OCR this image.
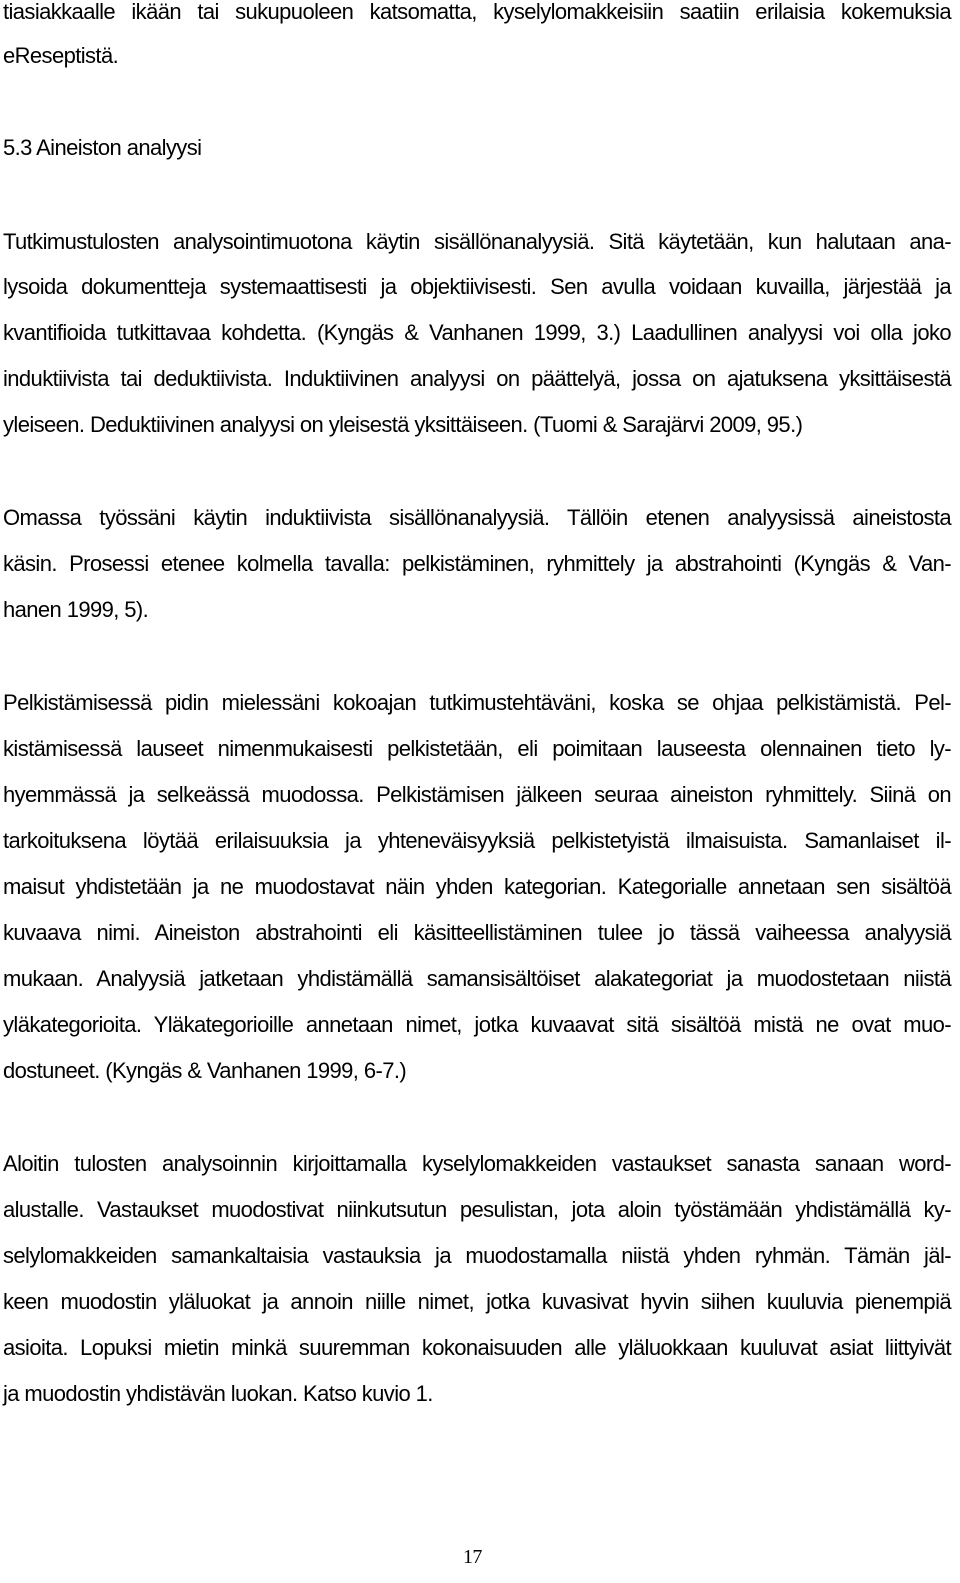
tiasiakkaalle ikään tai sukupuoleen katsomatta, kyselylomakkeisiin saatiin erilaisia kokemuksia
eReseptistä.
5.3 Aineiston analyysi
Tutkimustulosten analysointimuotona käytin sisällönanalyysiä. Sitä käytetään, kun halutaan ana-
lysoida dokumentteja systemaattisesti ja objektiivisesti. Sen avulla voidaan kuvailla, järjestää ja
kvantifioida tutkittavaa kohdetta. (Kyngäs & Vanhanen 1999, 3.) Laadullinen analyysi voi olla joko
induktiivista tai deduktiivista. Induktiivinen analyysi on päättelyä, jossa on ajatuksena yksittäisestä
yleiseen. Deduktiivinen analyysi on yleisestä yksittäiseen. (Tuomi & Sarajärvi 2009, 95.)
Omassa työssäni käytin induktiivista sisällönanalyysiä. Tällöin etenen analyysissä aineistosta
käsin. Prosessi etenee kolmella tavalla: pelkistäminen, ryhmittely ja abstrahointi (Kyngäs & Van-
hanen 1999, 5).
Pelkistämisessä pidin mielessäni kokoajan tutkimustehtäväni, koska se ohjaa pelkistämistä. Pel-
kistämisessä lauseet nimenmukaisesti pelkistetään, eli poimitaan lauseesta olennainen tieto ly-
hyemmässä ja selkeässä muodossa. Pelkistämisen jälkeen seuraa aineiston ryhmittely. Siinä on
tarkoituksena löytää erilaisuuksia ja yhteneväisyyksiä pelkistetyistä ilmaisuista. Samanlaiset il-
maisut yhdistetään ja ne muodostavat näin yhden kategorian. Kategorialle annetaan sen sisältöä
kuvaava nimi. Aineiston abstrahointi eli käsitteellistäminen tulee jo tässä vaiheessa analyysiä
mukaan. Analyysiä jatketaan yhdistämällä samansisältöiset alakategoriat ja muodostetaan niistä
yläkategorioita. Yläkategorioille annetaan nimet, jotka kuvaavat sitä sisältöä mistä ne ovat muo-
dostuneet. (Kyngäs & Vanhanen 1999, 6-7.)
Aloitin tulosten analysoinnin kirjoittamalla kyselylomakkeiden vastaukset sanasta sanaan word-
alustalle. Vastaukset muodostivat niinkutsutun pesulistan, jota aloin työstämään yhdistämällä ky-
selylomakkeiden samankaltaisia vastauksia ja muodostamalla niistä yhden ryhmän. Tämän jäl-
keen muodostin yläluokat ja annoin niille nimet, jotka kuvasivat hyvin siihen kuuluvia pienempiä
asioita. Lopuksi mietin minkä suuremman kokonaisuuden alle yläluokkaan kuuluvat asiat liittyivät
ja muodostin yhdistävän luokan. Katso kuvio 1.
17
